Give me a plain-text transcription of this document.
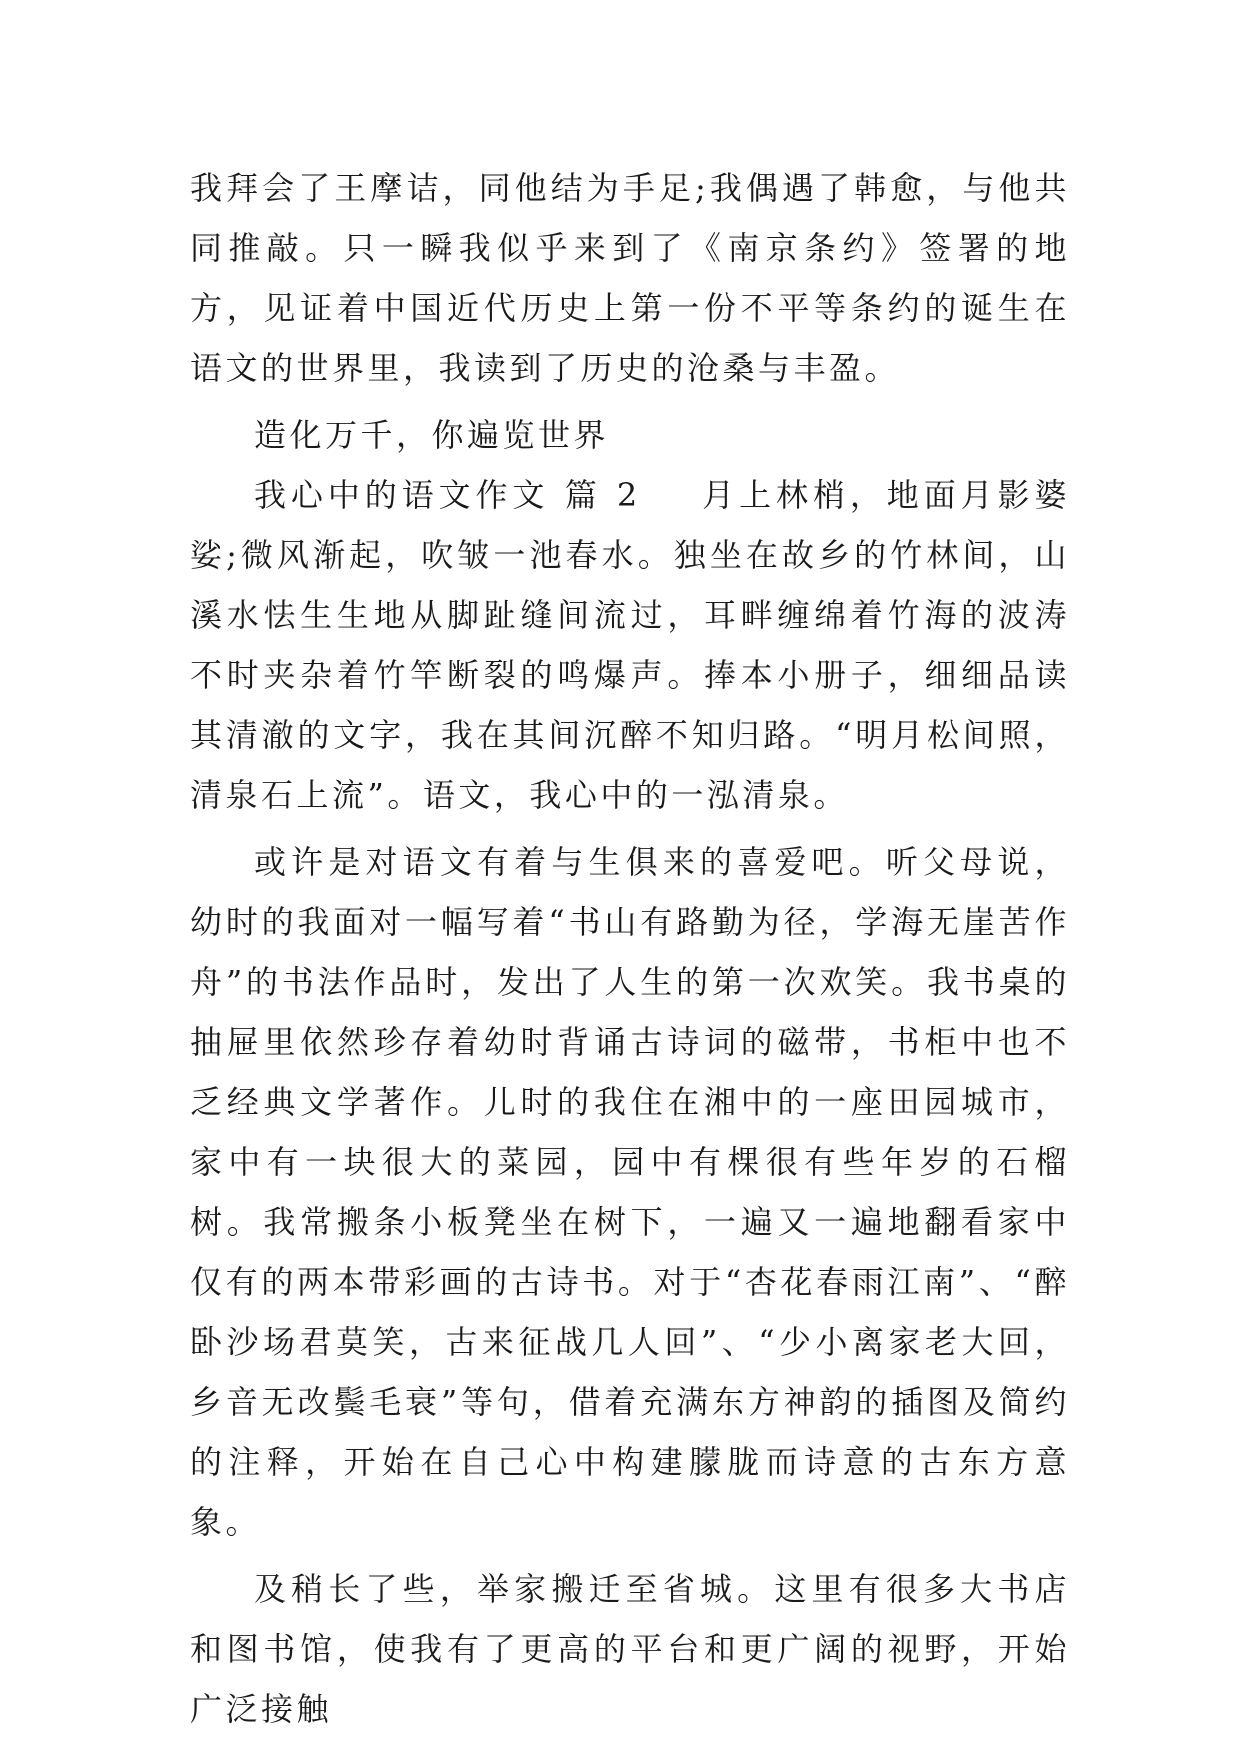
我拜会了王摩诘，同他结为手足;我偶遇了韩愈，与他共同推敲。只一瞬我似乎来到了《南京条约》签署的地方，见证着中国近代历史上第一份不平等条约的诞生在语文的世界里，我读到了历史的沧桑与丰盈。

造化万千，你遍览世界

我心中的语文作文 篇 2 月上林梢，地面月影婆娑;微风渐起，吹皱一池春水。独坐在故乡的竹林间，山溪水怯生生地从脚趾缝间流过，耳畔缠绵着竹海的波涛不时夹杂着竹竿断裂的鸣爆声。捧本小册子，细细品读其清澈的文字，我在其间沉醉不知归路。“明月松间照，清泉石上流”。语文，我心中的一泓清泉。

或许是对语文有着与生俱来的喜爱吧。听父母说，幼时的我面对一幅写着“书山有路勤为径，学海无崖苦作舟”的书法作品时，发出了人生的第一次欢笑。我书桌的抽屉里依然珍存着幼时背诵古诗词的磁带，书柜中也不乏经典文学著作。儿时的我住在湘中的一座田园城市，家中有一块很大的菜园，园中有棵很有些年岁的石榴树。我常搬条小板凳坐在树下，一遍又一遍地翻看家中仅有的两本带彩画的古诗书。对于“杏花春雨江南”、“醉卧沙场君莫笑，古来征战几人回”、“少小离家老大回，乡音无改鬓毛衰”等句，借着充满东方神韵的插图及简约的注释，开始在自己心中构建朦胧而诗意的古东方意象。

及稍长了些，举家搬迁至省城。这里有很多大书店和图书馆，使我有了更高的平台和更广阔的视野，开始广泛接触
